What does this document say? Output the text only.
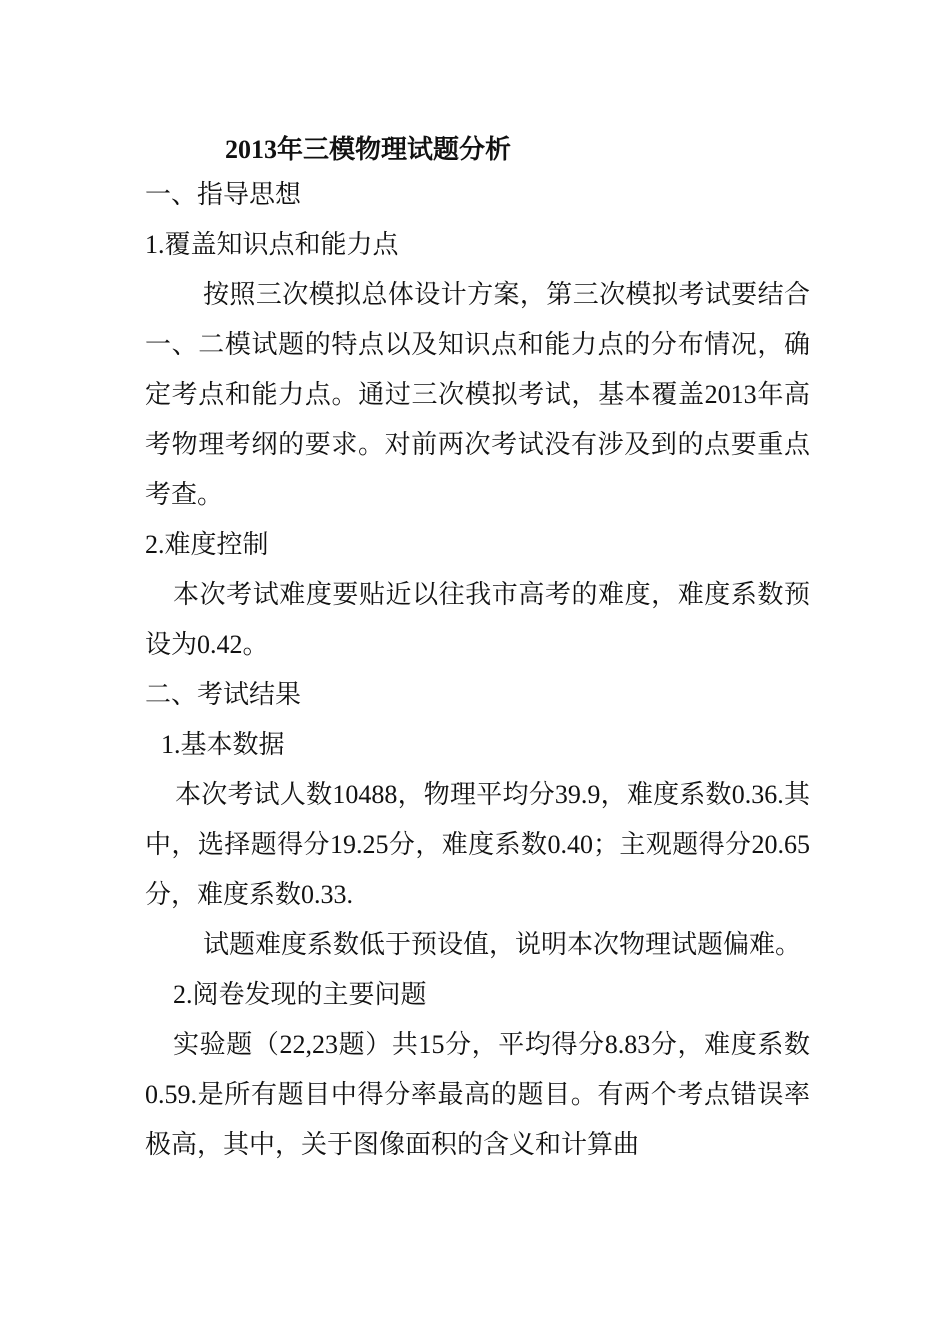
2013年三模物理试题分析

一、指导思想

1.覆盖知识点和能力点

按照三次模拟总体设计方案，第三次模拟考试要结合一、二模试题的特点以及知识点和能力点的分布情况，确定考点和能力点。通过三次模拟考试，基本覆盖2013年高考物理考纲的要求。对前两次考试没有涉及到的点要重点考查。

2.难度控制

本次考试难度要贴近以往我市高考的难度，难度系数预设为0.42。

二、考试结果

1.基本数据

本次考试人数10488，物理平均分39.9，难度系数0.36.其中，选择题得分19.25分，难度系数0.40；主观题得分20.65分，难度系数0.33.

试题难度系数低于预设值，说明本次物理试题偏难。

2.阅卷发现的主要问题

实验题（22,23题）共15分，平均得分8.83分，难度系数0.59.是所有题目中得分率最高的题目。有两个考点错误率极高，其中，关于图像面积的含义和计算曲
